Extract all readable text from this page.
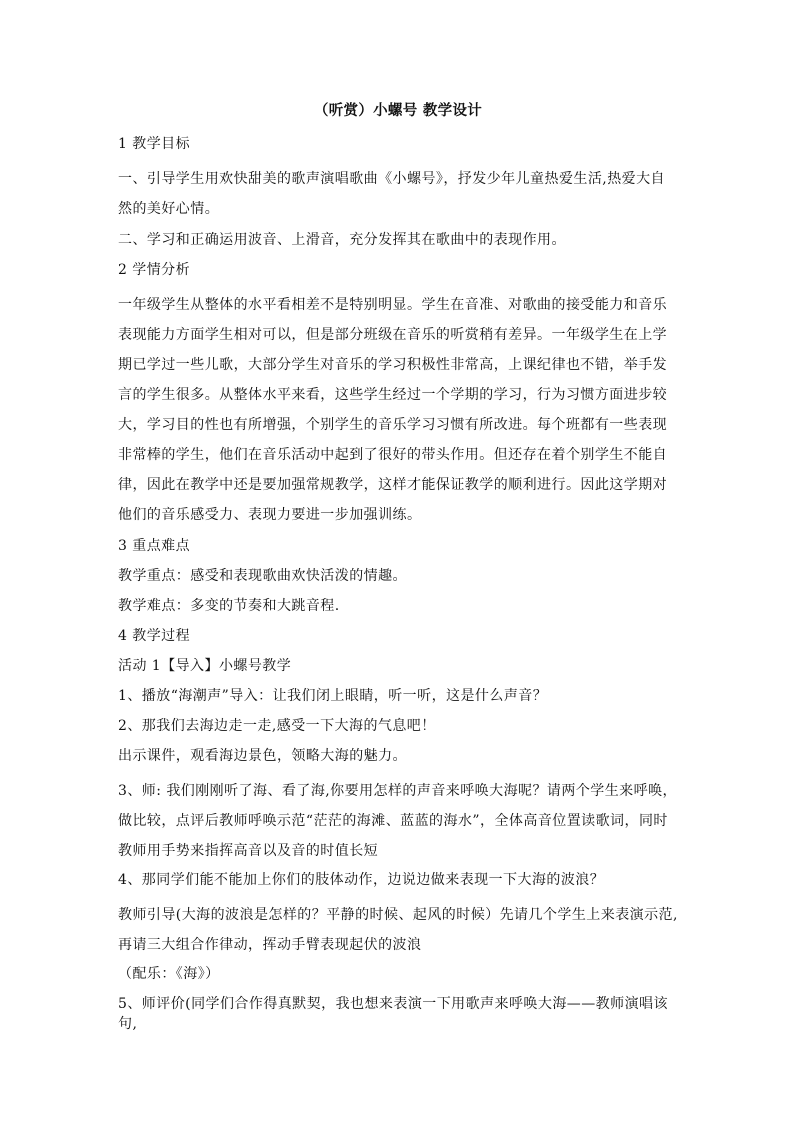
（听赏）小螺号 教学设计
1 教学目标
一、引导学生用欢快甜美的歌声演唱歌曲《小螺号》，抒发少年儿童热爱生活,热爱大自然的美好心情。
二、学习和正确运用波音、上滑音，充分发挥其在歌曲中的表现作用。
2 学情分析
一年级学生从整体的水平看相差不是特别明显。学生在音准、对歌曲的接受能力和音乐表现能力方面学生相对可以，但是部分班级在音乐的听赏稍有差异。一年级学生在上学期已学过一些儿歌，大部分学生对音乐的学习积极性非常高，上课纪律也不错，举手发言的学生很多。从整体水平来看，这些学生经过一个学期的学习，行为习惯方面进步较大，学习目的性也有所增强，个别学生的音乐学习习惯有所改进。每个班都有一些表现非常棒的学生，他们在音乐活动中起到了很好的带头作用。但还存在着个别学生不能自律，因此在教学中还是要加强常规教学，这样才能保证教学的顺利进行。因此这学期对他们的音乐感受力、表现力要进一步加强训练。
3 重点难点
教学重点：感受和表现歌曲欢快活泼的情趣。
教学难点：多变的节奏和大跳音程.
4 教学过程
活动 1【导入】小螺号教学
1、播放“海潮声”导入：让我们闭上眼睛，听一听，这是什么声音？
2、那我们去海边走一走,感受一下大海的气息吧！
出示课件，观看海边景色，领略大海的魅力。
3、师: 我们刚刚听了海、看了海,你要用怎样的声音来呼唤大海呢？请两个学生来呼唤，做比较，点评后教师呼唤示范“茫茫的海滩、蓝蓝的海水”，全体高音位置读歌词，同时教师用手势来指挥高音以及音的时值长短
4、那同学们能不能加上你们的肢体动作，边说边做来表现一下大海的波浪？
教师引导(大海的波浪是怎样的？平静的时候、起风的时候）先请几个学生上来表演示范,再请三大组合作律动，挥动手臂表现起伏的波浪
（配乐：《海》）
5、师评价(同学们合作得真默契，我也想来表演一下用歌声来呼唤大海——教师演唱该句,
